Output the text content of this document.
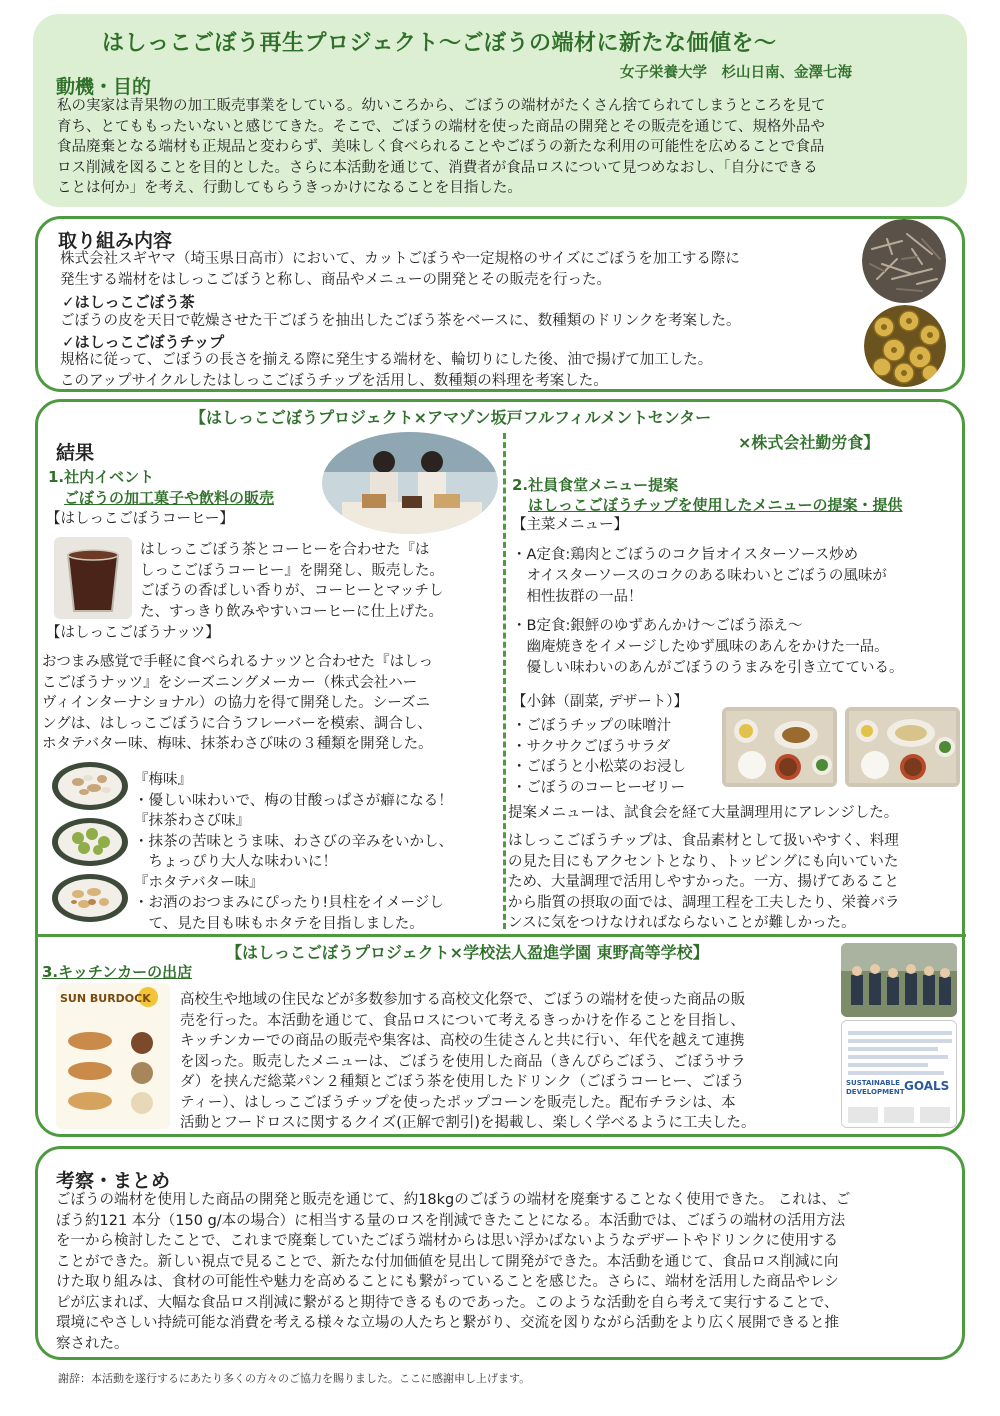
はしっこごぼう再生プロジェクト～ごぼうの端材に新たな価値を～
女子栄養大学　杉山日南、金澤七海
動機・目的
私の実家は青果物の加工販売事業をしている。幼いころから、ごぼうの端材がたくさん捨てられてしまうところを見て
育ち、とてももったいないと感じてきた。そこで、ごぼうの端材を使った商品の開発とその販売を通じて、規格外品や
食品廃棄となる端材も正規品と変わらず、美味しく食べられることやごぼうの新たな利用の可能性を広めることで食品
ロス削減を図ることを目的とした。さらに本活動を通じて、消費者が食品ロスについて見つめなおし、「自分にできる
ことは何か」を考え、行動してもらうきっかけになることを目指した。
取り組み内容
株式会社スギヤマ（埼玉県日高市）において、カットごぼうや一定規格のサイズにごぼうを加工する際に
発生する端材をはしっこごぼうと称し、商品やメニューの開発とその販売を行った。
✓はしっこごぼう茶
ごぼうの皮を天日で乾燥させた干ごぼうを抽出したごぼう茶をベースに、数種類のドリンクを考案した。
✓はしっこごぼうチップ
規格に従って、ごぼうの長さを揃える際に発生する端材を、輪切りにした後、油で揚げて加工した。
このアップサイクルしたはしっこごぼうチップを活用し、数種類の料理を考案した。
【はしっこごぼうプロジェクト×アマゾン坂戸フルフィルメントセンター
×株式会社勤労食】
結果
1.社内イベント
ごぼうの加工菓子や飲料の販売
【はしっこごぼうコーヒー】
はしっこごぼう茶とコーヒーを合わせた『は
しっこごぼうコーヒー』を開発し、販売した。
ごぼうの香ばしい香りが、コーヒーとマッチし
た、すっきり飲みやすいコーヒーに仕上げた。
【はしっこごぼうナッツ】
おつまみ感覚で手軽に食べられるナッツと合わせた『はしっ
こごぼうナッツ』をシーズニングメーカー（株式会社ハー
ヴィインターナショナル）の協力を得て開発した。シーズニ
ングは、はしっこごぼうに合うフレーバーを模索、調合し、
ホタテバター味、梅味、抹茶わさび味の３種類を開発した。
『梅味』
・優しい味わいで、梅の甘酸っぱさが癖になる！
『抹茶わさび味』
・抹茶の苦味とうま味、わさびの辛みをいかし、
　ちょっぴり大人な味わいに！
『ホタテバター味』
・お酒のおつまみにぴったり!貝柱をイメージし
　て、見た目も味もホタテを目指しました。
2.社員食堂メニュー提案
はしっこごぼうチップを使用したメニューの提案・提供
【主菜メニュー】
・A定食:鶏肉とごぼうのコク旨オイスターソース炒め
　オイスターソースのコクのある味わいとごぼうの風味が
　相性抜群の一品！
・B定食:銀鮃のゆずあんかけ～ごぼう添え～
　幽庵焼きをイメージしたゆず風味のあんをかけた一品。
　優しい味わいのあんがごぼうのうまみを引き立てている。
【小鉢（副菜, デザート）】
・ごぼうチップの味噌汁
・サクサクごぼうサラダ
・ごぼうと小松菜のお浸し
・ごぼうのコーヒーゼリー
提案メニューは、試食会を経て大量調理用にアレンジした。
はしっこごぼうチップは、食品素材として扱いやすく、料理
の見た目にもアクセントとなり、トッピングにも向いていた
ため、大量調理で活用しやすかった。一方、揚げてあること
から脂質の摂取の面では、調理工程を工夫したり、栄養バラ
ンスに気をつけなければならないことが難しかった。
【はしっこごぼうプロジェクト×学校法人盈進学園 東野高等学校】
3.キッチンカーの出店
SUN BURDOCK 高校生や地域の住民などが多数参加する高校文化祭で、ごぼうの端材を使った商品の販
売を行った。本活動を通じて、食品ロスについて考えるきっかけを作ることを目指し、
キッチンカーでの商品の販売や集客は、高校の生徒さんと共に行い、年代を越えて連携
を図った。販売したメニューは、ごぼうを使用した商品（きんぴらごぼう、ごぼうサラ
ダ）を挟んだ総菜パン２種類とごぼう茶を使用したドリンク（ごぼうコーヒー、ごぼう
ティー）、はしっこごぼうチップを使ったポップコーンを販売した。配布チラシは、本
活動とフードロスに関するクイズ(正解で割引)を掲載し、楽しく学べるように工夫した。
SUSTAINABLE
DEVELOPMENT GOALS
考察・まとめ
ごぼうの端材を使用した商品の開発と販売を通じて、約18kgのごぼうの端材を廃棄することなく使用できた。 これは、ご
ぼう約121 本分（150 g/本の場合）に相当する量のロスを削減できたことになる。本活動では、ごぼうの端材の活用方法
を一から検討したことで、これまで廃棄していたごぼう端材からは思い浮かばないようなデザートやドリンクに使用する
ことができた。新しい視点で見ることで、新たな付加価値を見出して開発ができた。本活動を通じて、食品ロス削減に向
けた取り組みは、食材の可能性や魅力を高めることにも繋がっていることを感じた。さらに、端材を活用した商品やレシ
ピが広まれば、大幅な食品ロス削減に繋がると期待できるものであった。このような活動を自ら考えて実行することで、
環境にやさしい持続可能な消費を考える様々な立場の人たちと繋がり、交流を図りながら活動をより広く展開できると推
察された。
謝辞：本活動を遂行するにあたり多くの方々のご協力を賜りました。ここに感謝申し上げます。
